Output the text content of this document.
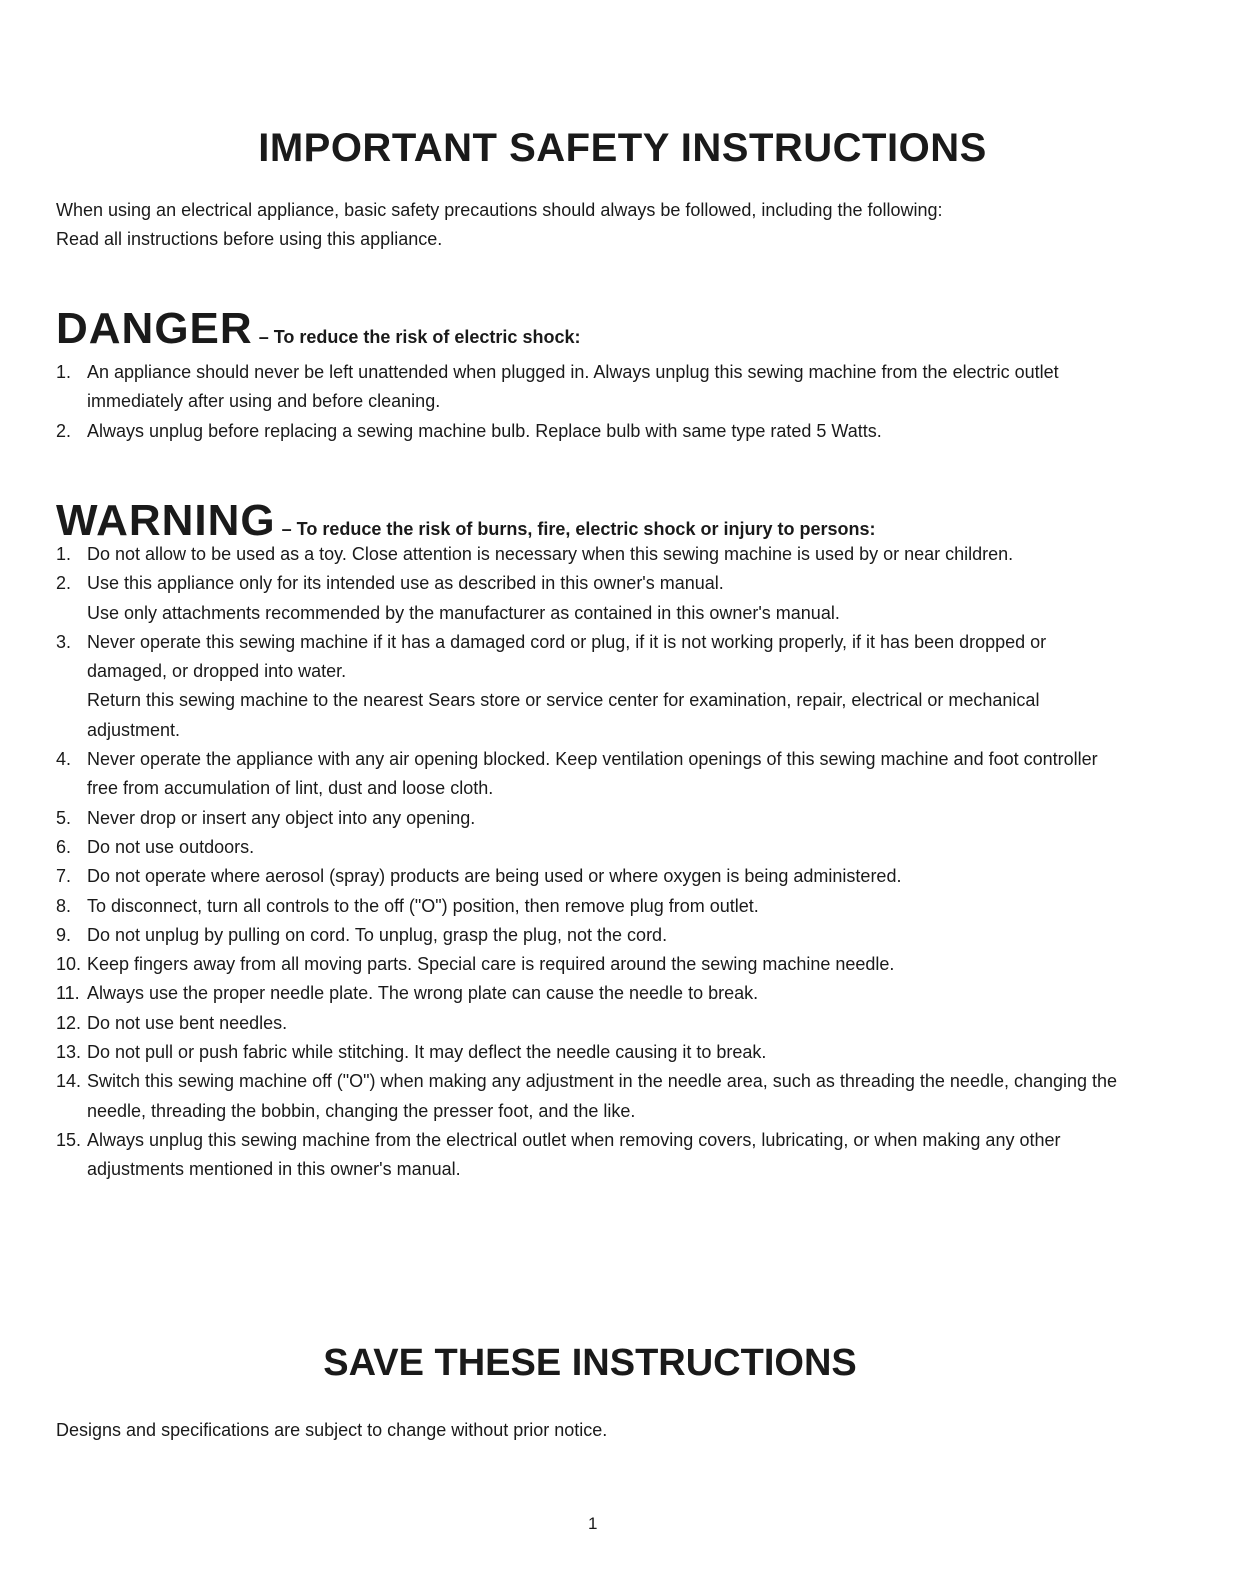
IMPORTANT SAFETY INSTRUCTIONS
When using an electrical appliance, basic safety precautions should always be followed, including the following:
Read all instructions before using this appliance.
DANGER – To reduce the risk of electric shock:
1. An appliance should never be left unattended when plugged in. Always unplug this sewing machine from the electric outlet immediately after using and before cleaning.
2. Always unplug before replacing a sewing machine bulb. Replace bulb with same type rated 5 Watts.
WARNING – To reduce the risk of burns, fire, electric shock or injury to persons:
1. Do not allow to be used as a toy. Close attention is necessary when this sewing machine is used by or near children.
2. Use this appliance only for its intended use as described in this owner's manual.
Use only attachments recommended by the manufacturer as contained in this owner's manual.
3. Never operate this sewing machine if it has a damaged cord or plug, if it is not working properly, if it has been dropped or damaged, or dropped into water.
Return this sewing machine to the nearest Sears store or service center for examination, repair, electrical or mechanical adjustment.
4. Never operate the appliance with any air opening blocked. Keep ventilation openings of this sewing machine and foot controller free from accumulation of lint, dust and loose cloth.
5. Never drop or insert any object into any opening.
6. Do not use outdoors.
7. Do not operate where aerosol (spray) products are being used or where oxygen is being administered.
8. To disconnect, turn all controls to the off ("O") position, then remove plug from outlet.
9. Do not unplug by pulling on cord. To unplug, grasp the plug, not the cord.
10. Keep fingers away from all moving parts. Special care is required around the sewing machine needle.
11. Always use the proper needle plate. The wrong plate can cause the needle to break.
12. Do not use bent needles.
13. Do not pull or push fabric while stitching. It may deflect the needle causing it to break.
14. Switch this sewing machine off ("O") when making any adjustment in the needle area, such as threading the needle, changing the needle, threading the bobbin, changing the presser foot, and the like.
15. Always unplug this sewing machine from the electrical outlet when removing covers, lubricating, or when making any other adjustments mentioned in this owner's manual.
SAVE THESE INSTRUCTIONS

Designs and specifications are subject to change without prior notice.

1
